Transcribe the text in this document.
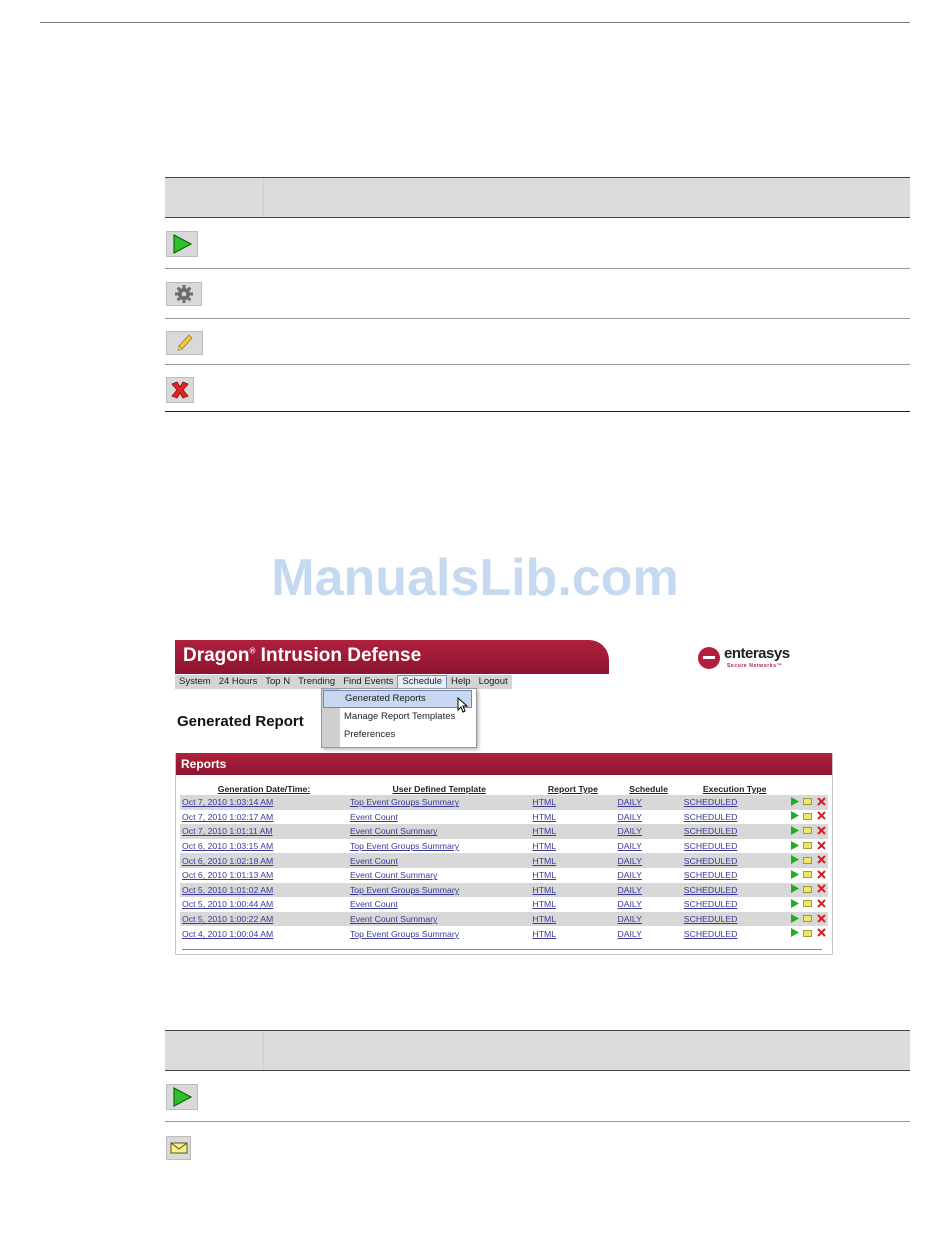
ManualsLib.com
Dragon® Intrusion Defense	enterasys
Secure Networks™
System 24 Hours Top N Trending Find Events Schedule Help Logout
Generated Report
Generated Reports
Manage Report Templates
Preferences
Reports
Generation Date/Time:	User Defined Template	Report Type	Schedule	Execution Type			
Oct 7, 2010 1:03:14 AM	Top Event Groups Summary	HTML	DAILY	SCHEDULED			
Oct 7, 2010 1:02:17 AM	Event Count	HTML	DAILY	SCHEDULED			
Oct 7, 2010 1:01:11 AM	Event Count Summary	HTML	DAILY	SCHEDULED			
Oct 6, 2010 1:03:15 AM	Top Event Groups Summary	HTML	DAILY	SCHEDULED			
Oct 6, 2010 1:02:18 AM	Event Count	HTML	DAILY	SCHEDULED			
Oct 6, 2010 1:01:13 AM	Event Count Summary	HTML	DAILY	SCHEDULED			
Oct 5, 2010 1:01:02 AM	Top Event Groups Summary	HTML	DAILY	SCHEDULED			
Oct 5, 2010 1:00:44 AM	Event Count	HTML	DAILY	SCHEDULED			
Oct 5, 2010 1:00:22 AM	Event Count Summary	HTML	DAILY	SCHEDULED			
Oct 4, 2010 1:00:04 AM	Top Event Groups Summary	HTML	DAILY	SCHEDULED			
